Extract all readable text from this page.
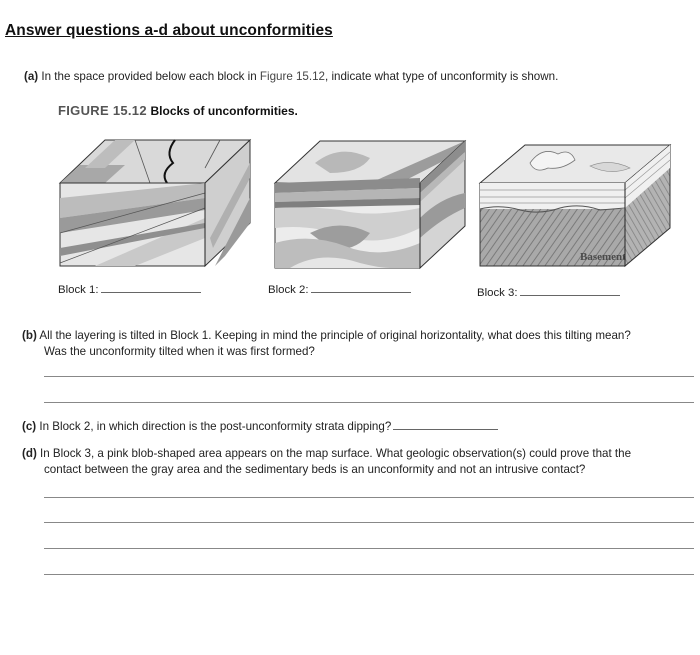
Answer questions a-d about unconformities
(a) In the space provided below each block in Figure 15.12, indicate what type of unconformity is shown.
FIGURE 15.12 Blocks of unconformities.
Basement
Block 1:	Block 2:	Block 3:
(b) All the layering is tilted in Block 1. Keeping in mind the principle of original horizontality, what does this tilting mean?
Was the unconformity tilted when it was first formed?
(c) In Block 2, in which direction is the post-unconformity strata dipping?
(d) In Block 3, a pink blob-shaped area appears on the map surface. What geologic observation(s) could prove that the
contact between the gray area and the sedimentary beds is an unconformity and not an intrusive contact?
